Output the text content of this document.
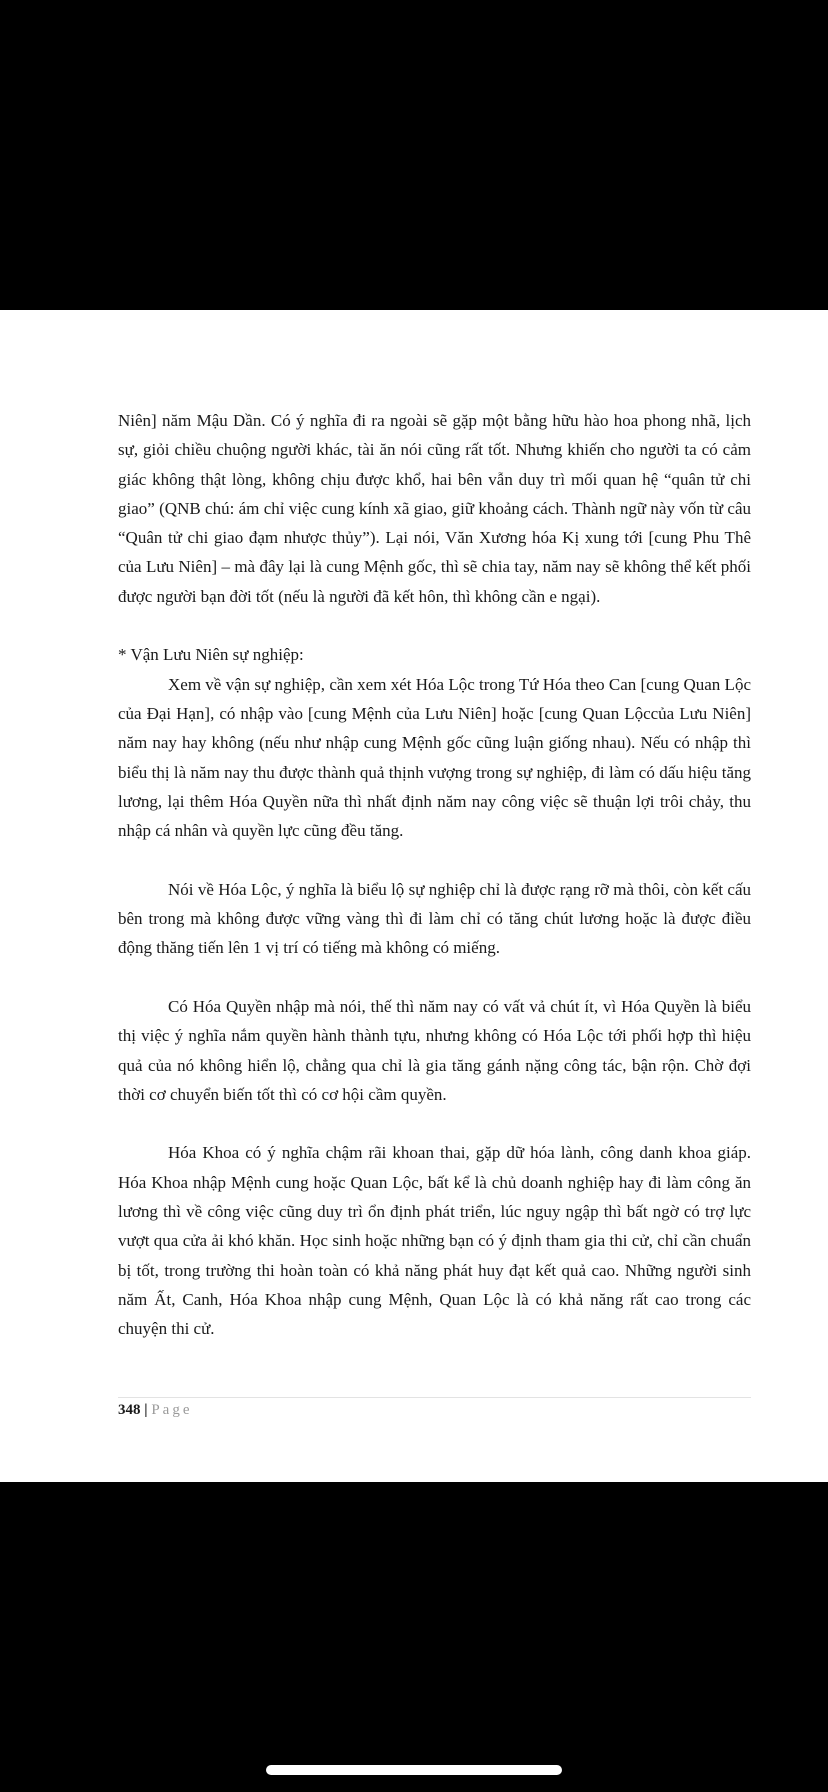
Niên] năm Mậu Dần. Có ý nghĩa đi ra ngoài sẽ gặp một bằng hữu hào hoa phong nhã, lịch sự, giỏi chiều chuộng người khác, tài ăn nói cũng rất tốt. Nhưng khiến cho người ta có cảm giác không thật lòng, không chịu được khổ, hai bên vẫn duy trì mối quan hệ “quân tử chi giao” (QNB chú: ám chỉ việc cung kính xã giao, giữ khoảng cách. Thành ngữ này vốn từ câu “Quân tử chi giao đạm nhược thủy”). Lại nói, Văn Xương hóa Kị xung tới [cung Phu Thê của Lưu Niên] – mà đây lại là cung Mệnh gốc, thì sẽ chia tay, năm nay sẽ không thể kết phối được người bạn đời tốt (nếu là người đã kết hôn, thì không cần e ngại).

* Vận Lưu Niên sự nghiệp:

Xem về vận sự nghiệp, cần xem xét Hóa Lộc trong Tứ Hóa theo Can [cung Quan Lộc của Đại Hạn], có nhập vào [cung Mệnh của Lưu Niên] hoặc [cung Quan Lộccủa Lưu Niên] năm nay hay không (nếu như nhập cung Mệnh gốc cũng luận giống nhau). Nếu có nhập thì biểu thị là năm nay thu được thành quả thịnh vượng trong sự nghiệp, đi làm có dấu hiệu tăng lương, lại thêm Hóa Quyền nữa thì nhất định năm nay công việc sẽ thuận lợi trôi chảy, thu nhập cá nhân và quyền lực cũng đều tăng.

Nói về Hóa Lộc, ý nghĩa là biểu lộ sự nghiệp chỉ là được rạng rỡ mà thôi, còn kết cấu bên trong mà không được vững vàng thì đi làm chỉ có tăng chút lương hoặc là được điều động thăng tiến lên 1 vị trí có tiếng mà không có miếng.

Có Hóa Quyền nhập mà nói, thế thì năm nay có vất vả chút ít, vì Hóa Quyền là biểu thị việc ý nghĩa nắm quyền hành thành tựu, nhưng không có Hóa Lộc tới phối hợp thì hiệu quả của nó không hiển lộ, chẳng qua chỉ là gia tăng gánh nặng công tác, bận rộn. Chờ đợi thời cơ chuyển biến tốt thì có cơ hội cầm quyền.

Hóa Khoa có ý nghĩa chậm rãi khoan thai, gặp dữ hóa lành, công danh khoa giáp. Hóa Khoa nhập Mệnh cung hoặc Quan Lộc, bất kể là chủ doanh nghiệp hay đi làm công ăn lương thì về công việc cũng duy trì ổn định phát triển, lúc nguy ngập thì bất ngờ có trợ lực vượt qua cửa ải khó khăn. Học sinh hoặc những bạn có ý định tham gia thi cử, chỉ cần chuẩn bị tốt, trong trường thi hoàn toàn có khả năng phát huy đạt kết quả cao. Những người sinh năm Ất, Canh, Hóa Khoa nhập cung Mệnh, Quan Lộc là có khả năng rất cao trong các chuyện thi cử.

348 | Page
